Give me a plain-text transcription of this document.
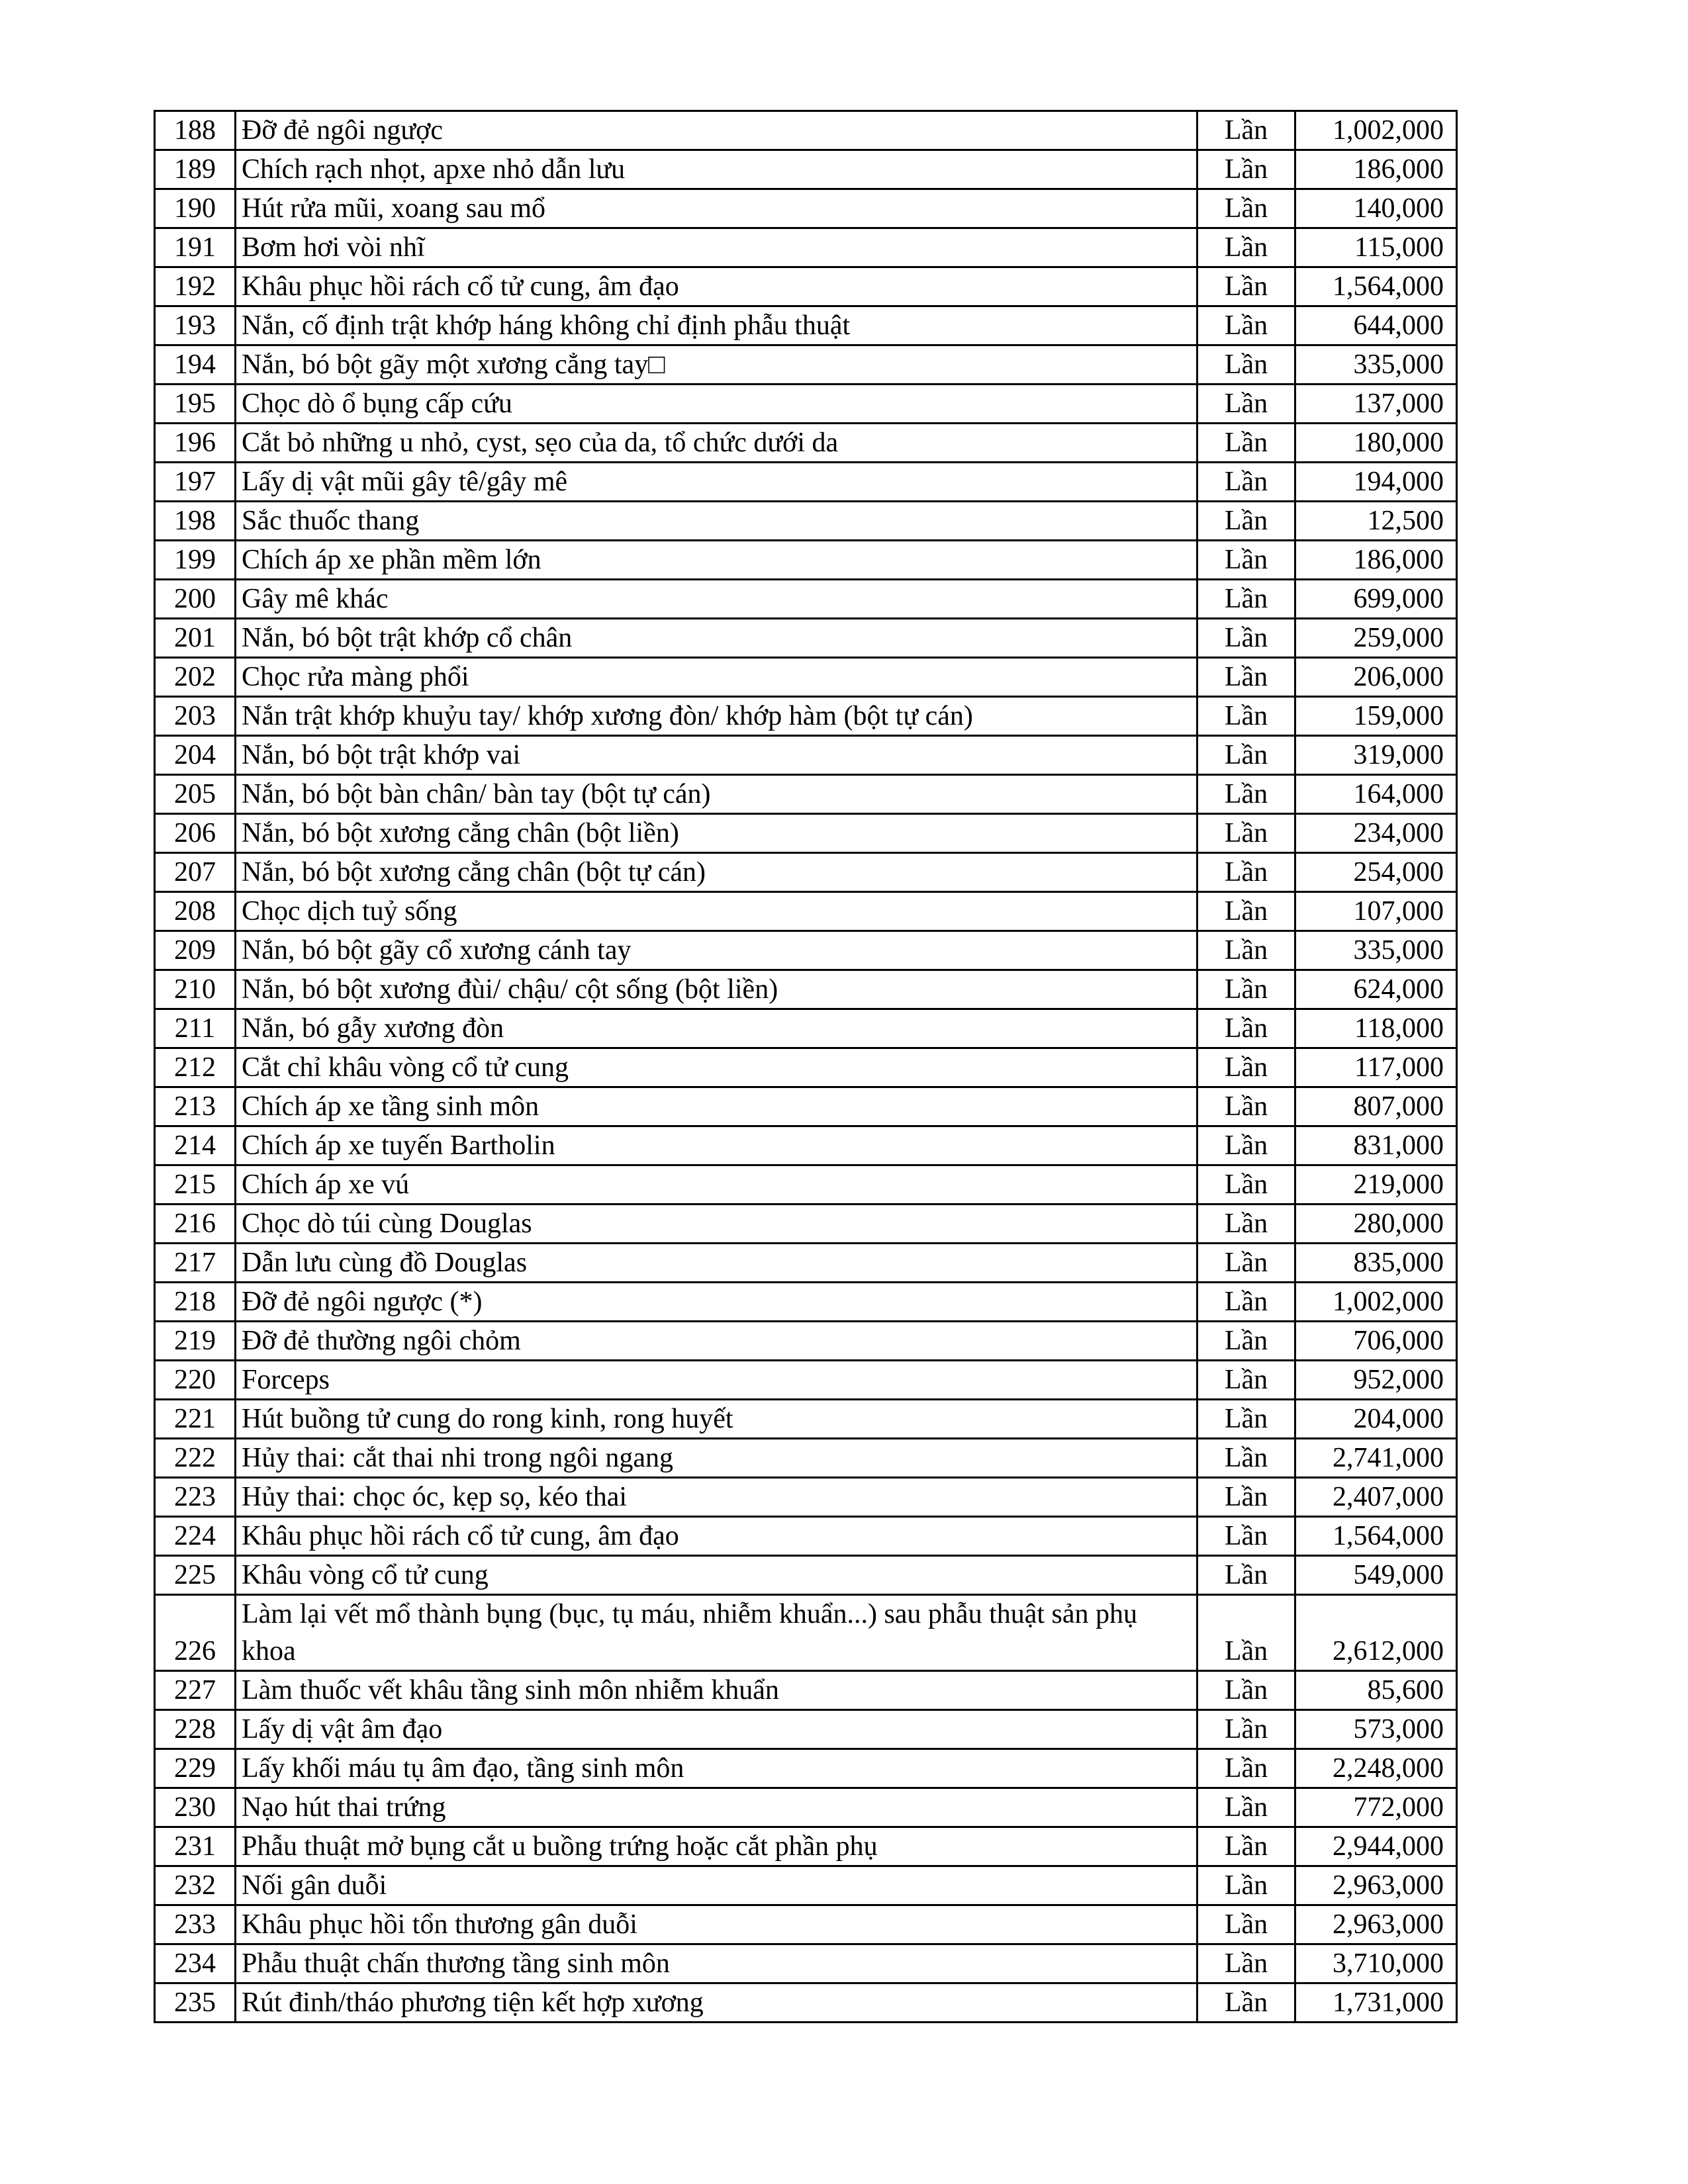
188	Đỡ đẻ ngôi ngược	Lần	1,002,000
189	Chích rạch nhọt, apxe nhỏ dẫn lưu	Lần	186,000
190	Hút rửa mũi, xoang sau mổ	Lần	140,000
191	Bơm hơi vòi nhĩ	Lần	115,000
192	Khâu phục hồi rách cổ tử cung, âm đạo	Lần	1,564,000
193	Nắn, cố định trật khớp háng không chỉ định phẫu thuật	Lần	644,000
194	Nắn, bó bột gãy một xương cẳng tay□	Lần	335,000
195	Chọc dò ổ bụng cấp cứu	Lần	137,000
196	Cắt bỏ những u nhỏ, cyst, sẹo của da, tổ chức dưới da	Lần	180,000
197	Lấy dị vật mũi gây tê/gây mê	Lần	194,000
198	Sắc thuốc thang	Lần	12,500
199	Chích áp xe phần mềm lớn	Lần	186,000
200	Gây mê khác	Lần	699,000
201	Nắn, bó bột trật khớp cổ chân	Lần	259,000
202	Chọc rửa màng phổi	Lần	206,000
203	Nắn trật khớp khuỷu tay/ khớp xương đòn/ khớp hàm (bột tự cán)	Lần	159,000
204	Nắn, bó bột trật khớp vai	Lần	319,000
205	Nắn, bó bột bàn chân/ bàn tay (bột tự cán)	Lần	164,000
206	Nắn, bó bột xương cẳng chân (bột liền)	Lần	234,000
207	Nắn, bó bột xương cẳng chân (bột tự cán)	Lần	254,000
208	Chọc dịch tuỷ sống	Lần	107,000
209	Nắn, bó bột gãy cổ xương cánh tay	Lần	335,000
210	Nắn, bó bột xương đùi/ chậu/ cột sống (bột liền)	Lần	624,000
211	Nắn, bó gẫy xương đòn	Lần	118,000
212	Cắt chỉ khâu vòng cổ tử cung	Lần	117,000
213	Chích áp xe tầng sinh môn	Lần	807,000
214	Chích áp xe tuyến Bartholin	Lần	831,000
215	Chích áp xe vú	Lần	219,000
216	Chọc dò túi cùng Douglas	Lần	280,000
217	Dẫn lưu cùng đồ Douglas	Lần	835,000
218	Đỡ đẻ ngôi ngược (*)	Lần	1,002,000
219	Đỡ đẻ thường ngôi chỏm	Lần	706,000
220	Forceps	Lần	952,000
221	Hút buồng tử cung do rong kinh, rong huyết	Lần	204,000
222	Hủy thai: cắt thai nhi trong ngôi ngang	Lần	2,741,000
223	Hủy thai: chọc óc, kẹp sọ, kéo thai	Lần	2,407,000
224	Khâu phục hồi rách cổ tử cung, âm đạo	Lần	1,564,000
225	Khâu vòng cổ tử cung	Lần	549,000
226	Làm lại vết mổ thành bụng (bục, tụ máu, nhiễm khuẩn...) sau phẫu thuật sản phụ khoa	Lần	2,612,000
227	Làm thuốc vết khâu tầng sinh môn nhiễm khuẩn	Lần	85,600
228	Lấy dị vật âm đạo	Lần	573,000
229	Lấy khối máu tụ âm đạo, tầng sinh môn	Lần	2,248,000
230	Nạo hút thai trứng	Lần	772,000
231	Phẫu thuật mở bụng cắt u buồng trứng hoặc cắt phần phụ	Lần	2,944,000
232	Nối gân duỗi	Lần	2,963,000
233	Khâu phục hồi tổn thương gân duỗi	Lần	2,963,000
234	Phẫu thuật chấn thương tầng sinh môn	Lần	3,710,000
235	Rút đinh/tháo phương tiện kết hợp xương	Lần	1,731,000
